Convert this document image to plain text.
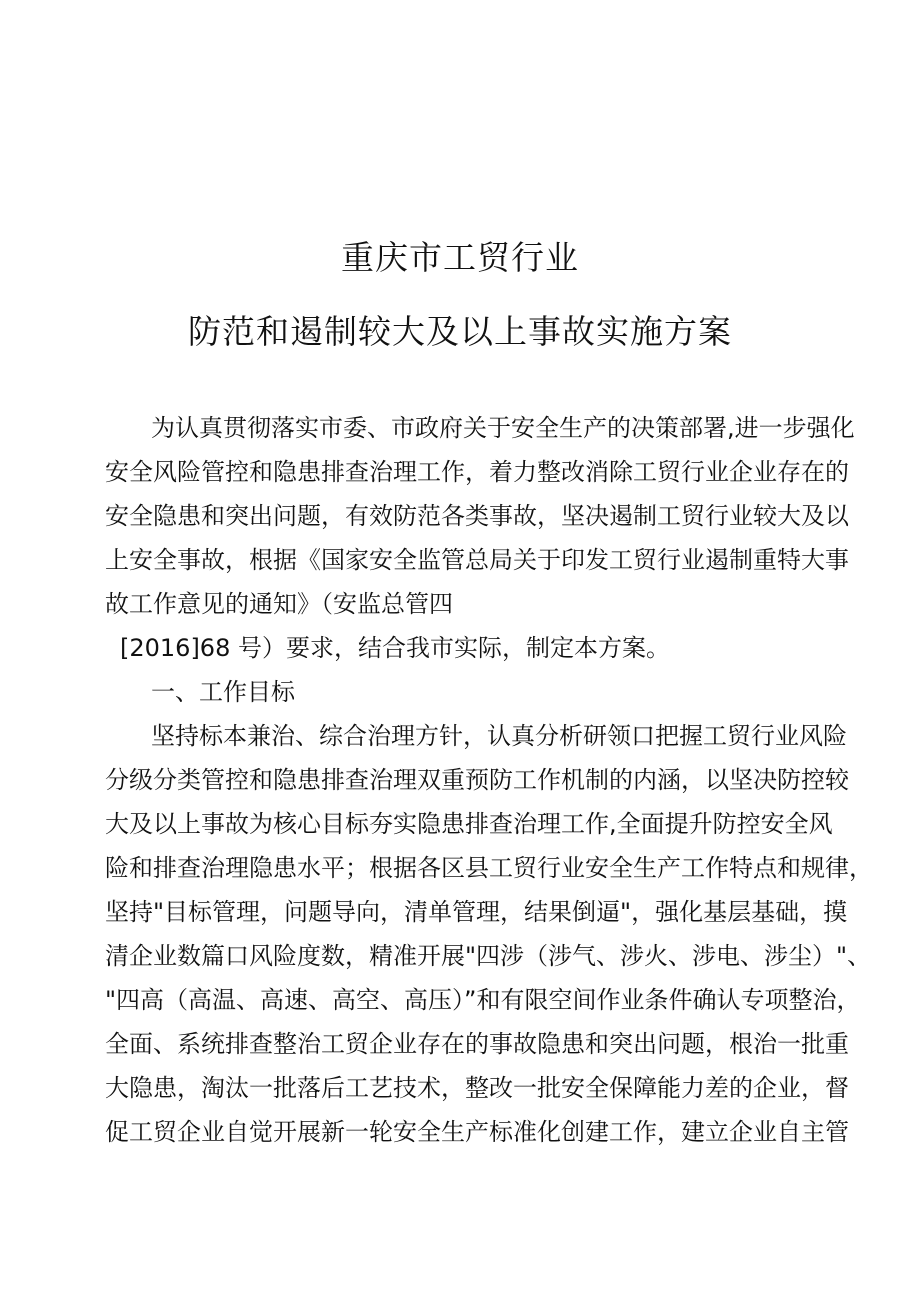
重庆市工贸行业
防范和遏制较大及以上事故实施方案
为认真贯彻落实市委、市政府关于安全生产的决策部署,进一步强化
安全风险管控和隐患排查治理工作，着力整改消除工贸行业企业存在的
安全隐患和突出问题，有效防范各类事故，坚决遏制工贸行业较大及以
上安全事故，根据《国家安全监管总局关于印发工贸行业遏制重特大事
故工作意见的通知》（安监总管四
[2016]68 号）要求，结合我市实际，制定本方案。
一、工作目标
坚持标本兼治、综合治理方针，认真分析研领口把握工贸行业风险
分级分类管控和隐患排查治理双重预防工作机制的内涵，以坚决防控较
大及以上事故为核心目标夯实隐患排查治理工作,全面提升防控安全风
险和排查治理隐患水平；根据各区县工贸行业安全生产工作特点和规律，
坚持"目标管理，问题导向，清单管理，结果倒逼"，强化基层基础，摸
清企业数篇口风险度数，精准开展"四涉（涉气、涉火、涉电、涉尘）"、
"四高（高温、高速、高空、高压）”和有限空间作业条件确认专项整治，
全面、系统排查整治工贸企业存在的事故隐患和突出问题，根治一批重
大隐患，淘汰一批落后工艺技术，整改一批安全保障能力差的企业，督
促工贸企业自觉开展新一轮安全生产标准化创建工作，建立企业自主管
